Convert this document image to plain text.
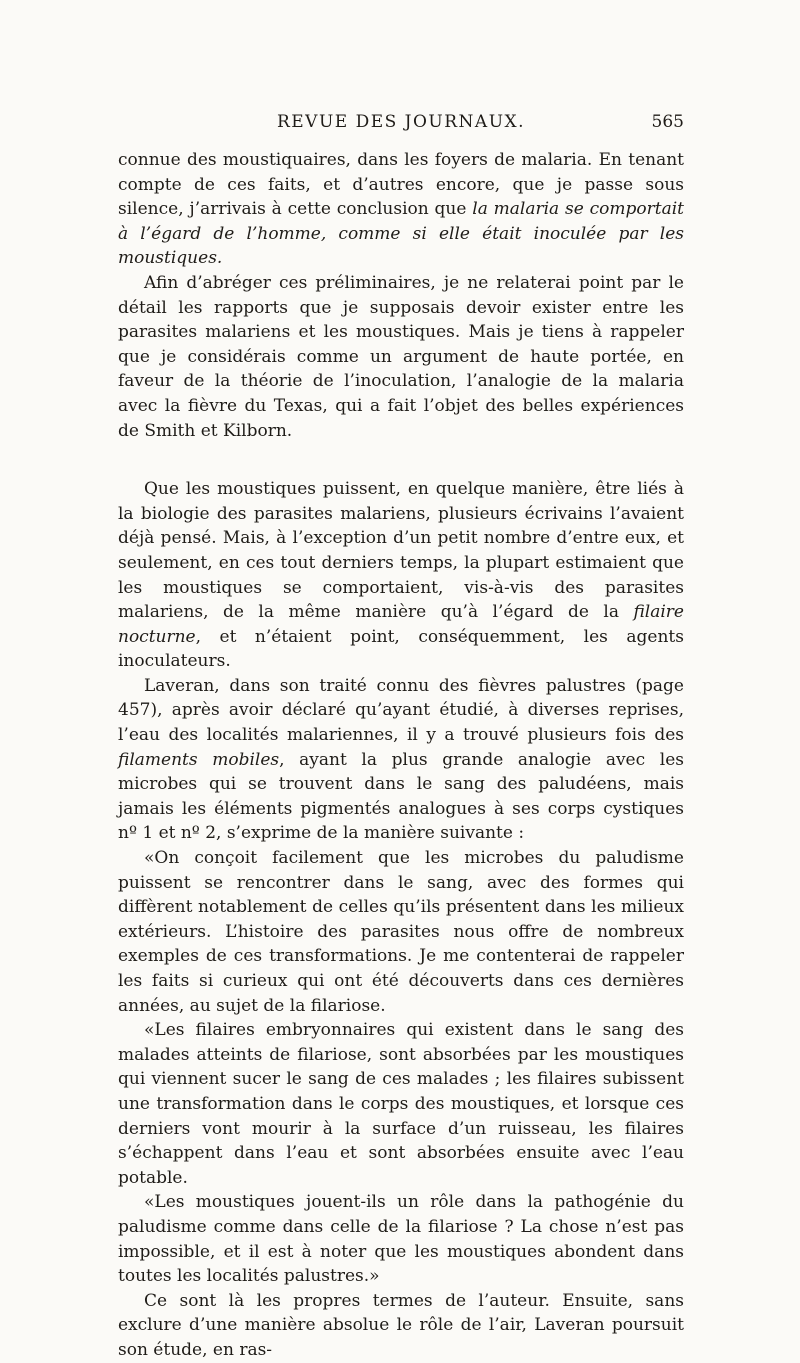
REVUE DES JOURNAUX.	565

connue des moustiquaires, dans les foyers de malaria. En tenant compte de ces faits, et d’autres encore, que je passe sous silence, j’arrivais à cette conclusion que la malaria se comportait à l’égard de l’homme, comme si elle était inoculée par les moustiques.

Afin d’abréger ces préliminaires, je ne relaterai point par le détail les rapports que je supposais devoir exister entre les parasites malariens et les moustiques. Mais je tiens à rappeler que je considérais comme un argument de haute portée, en faveur de la théorie de l’inoculation, l’analogie de la malaria avec la fièvre du Texas, qui a fait l’objet des belles expériences de Smith et Kilborn.

Que les moustiques puissent, en quelque manière, être liés à la biologie des parasites malariens, plusieurs écrivains l’avaient déjà pensé. Mais, à l’exception d’un petit nombre d’entre eux, et seulement, en ces tout derniers temps, la plupart estimaient que les moustiques se comportaient, vis-à-vis des parasites malariens, de la même manière qu’à l’égard de la filaire nocturne, et n’étaient point, conséquemment, les agents inoculateurs.

Laveran, dans son traité connu des fièvres palustres (page 457), après avoir déclaré qu’ayant étudié, à diverses reprises, l’eau des localités malariennes, il y a trouvé plusieurs fois des filaments mobiles, ayant la plus grande analogie avec les microbes qui se trouvent dans le sang des paludéens, mais jamais les éléments pigmentés analogues à ses corps cystiques nº 1 et nº 2, s’exprime de la manière suivante :

«On conçoit facilement que les microbes du paludisme puissent se rencontrer dans le sang, avec des formes qui diffèrent notablement de celles qu’ils présentent dans les milieux extérieurs. L’histoire des parasites nous offre de nombreux exemples de ces transformations. Je me contenterai de rappeler les faits si curieux qui ont été découverts dans ces dernières années, au sujet de la filariose.

«Les filaires embryonnaires qui existent dans le sang des malades atteints de filariose, sont absorbées par les moustiques qui viennent sucer le sang de ces malades ; les filaires subissent une transformation dans le corps des moustiques, et lorsque ces derniers vont mourir à la surface d’un ruisseau, les filaires s’échappent dans l’eau et sont absorbées ensuite avec l’eau potable.

«Les moustiques jouent-ils un rôle dans la pathogénie du paludisme comme dans celle de la filariose ? La chose n’est pas impossible, et il est à noter que les moustiques abondent dans toutes les localités palustres.»

Ce sont là les propres termes de l’auteur. Ensuite, sans exclure d’une manière absolue le rôle de l’air, Laveran poursuit son étude, en ras-
